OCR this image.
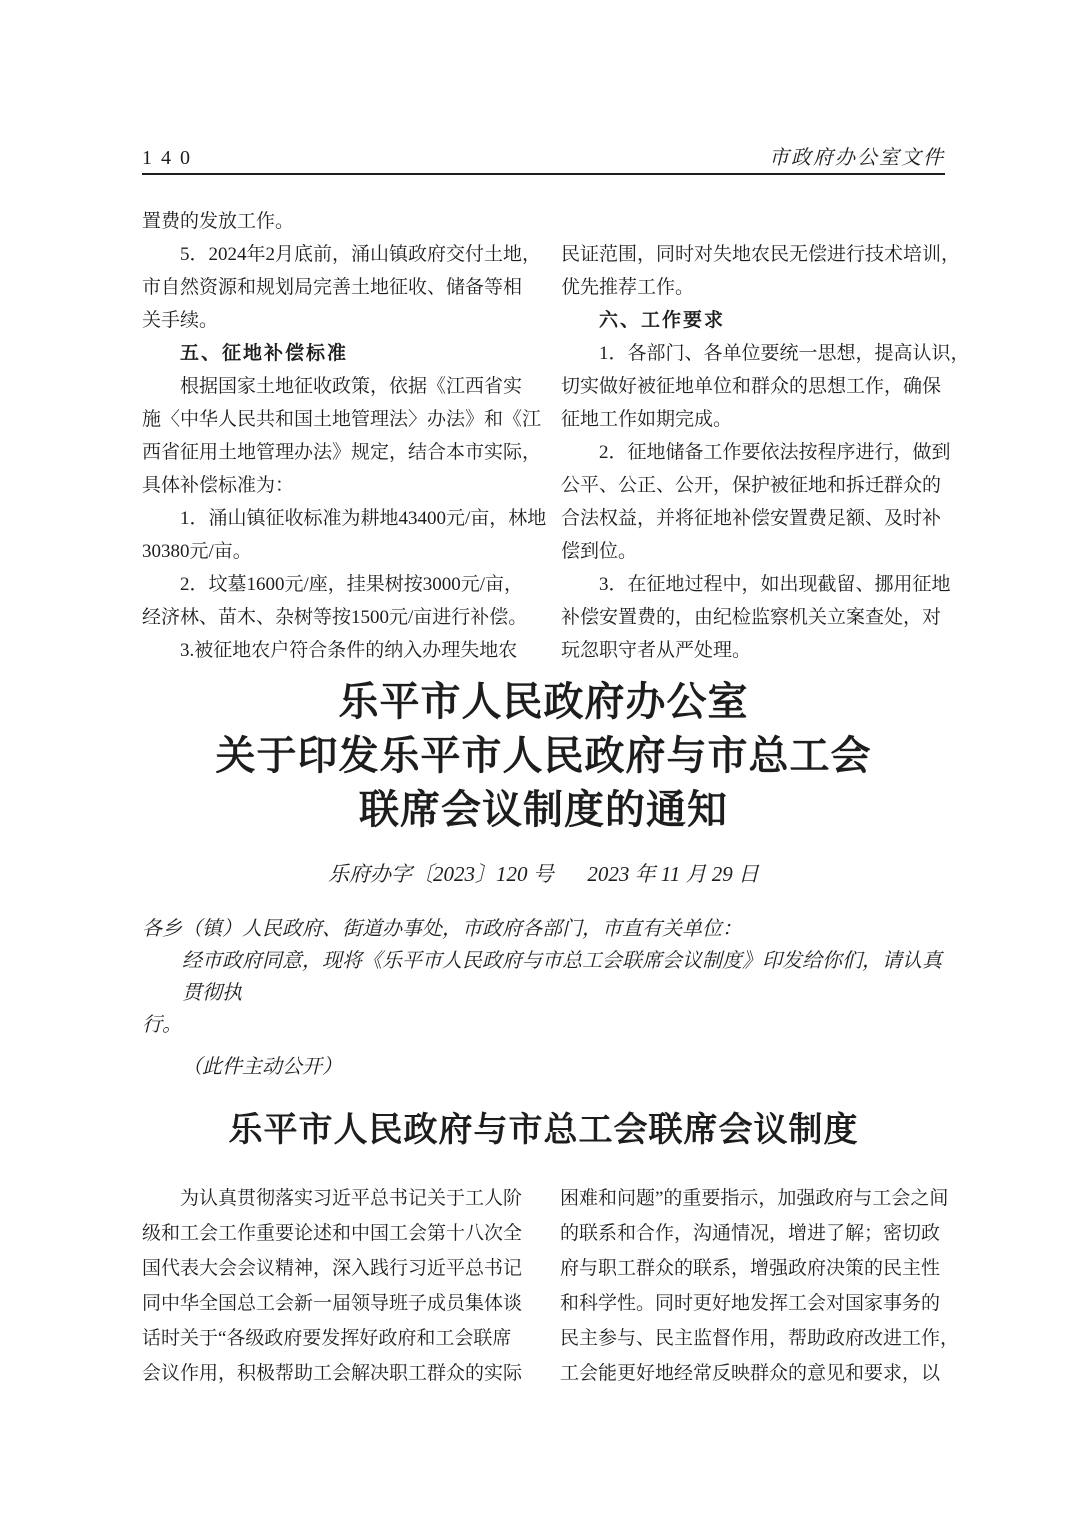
140	市政府办公室文件
置费的发放工作。
5．2024年2月底前，涌山镇政府交付土地，
市自然资源和规划局完善土地征收、储备等相
关手续。
五、征地补偿标准
根据国家土地征收政策，依据《江西省实
施〈中华人民共和国土地管理法〉办法》和《江
西省征用土地管理办法》规定，结合本市实际，
具体补偿标准为：
1．涌山镇征收标准为耕地43400元/亩，林地
30380元/亩。
2．坟墓1600元/座，挂果树按3000元/亩，
经济林、苗木、杂树等按1500元/亩进行补偿。
3.被征地农户符合条件的纳入办理失地农
民证范围，同时对失地农民无偿进行技术培训，
优先推荐工作。
六、工作要求
1．各部门、各单位要统一思想，提高认识，
切实做好被征地单位和群众的思想工作，确保
征地工作如期完成。
2．征地储备工作要依法按程序进行，做到
公平、公正、公开，保护被征地和拆迁群众的
合法权益，并将征地补偿安置费足额、及时补
偿到位。
3．在征地过程中，如出现截留、挪用征地
补偿安置费的，由纪检监察机关立案查处，对
玩忽职守者从严处理。
乐平市人民政府办公室
关于印发乐平市人民政府与市总工会
联席会议制度的通知
乐府办字〔2023〕120 号 2023 年 11 月 29 日
各乡（镇）人民政府、街道办事处，市政府各部门，市直有关单位：
经市政府同意，现将《乐平市人民政府与市总工会联席会议制度》印发给你们，请认真贯彻执
行。
（此件主动公开）
乐平市人民政府与市总工会联席会议制度
为认真贯彻落实习近平总书记关于工人阶
级和工会工作重要论述和中国工会第十八次全
国代表大会会议精神，深入践行习近平总书记
同中华全国总工会新一届领导班子成员集体谈
话时关于“各级政府要发挥好政府和工会联席
会议作用，积极帮助工会解决职工群众的实际
困难和问题”的重要指示，加强政府与工会之间
的联系和合作，沟通情况，增进了解；密切政
府与职工群众的联系，增强政府决策的民主性
和科学性。同时更好地发挥工会对国家事务的
民主参与、民主监督作用，帮助政府改进工作，
工会能更好地经常反映群众的意见和要求，以
